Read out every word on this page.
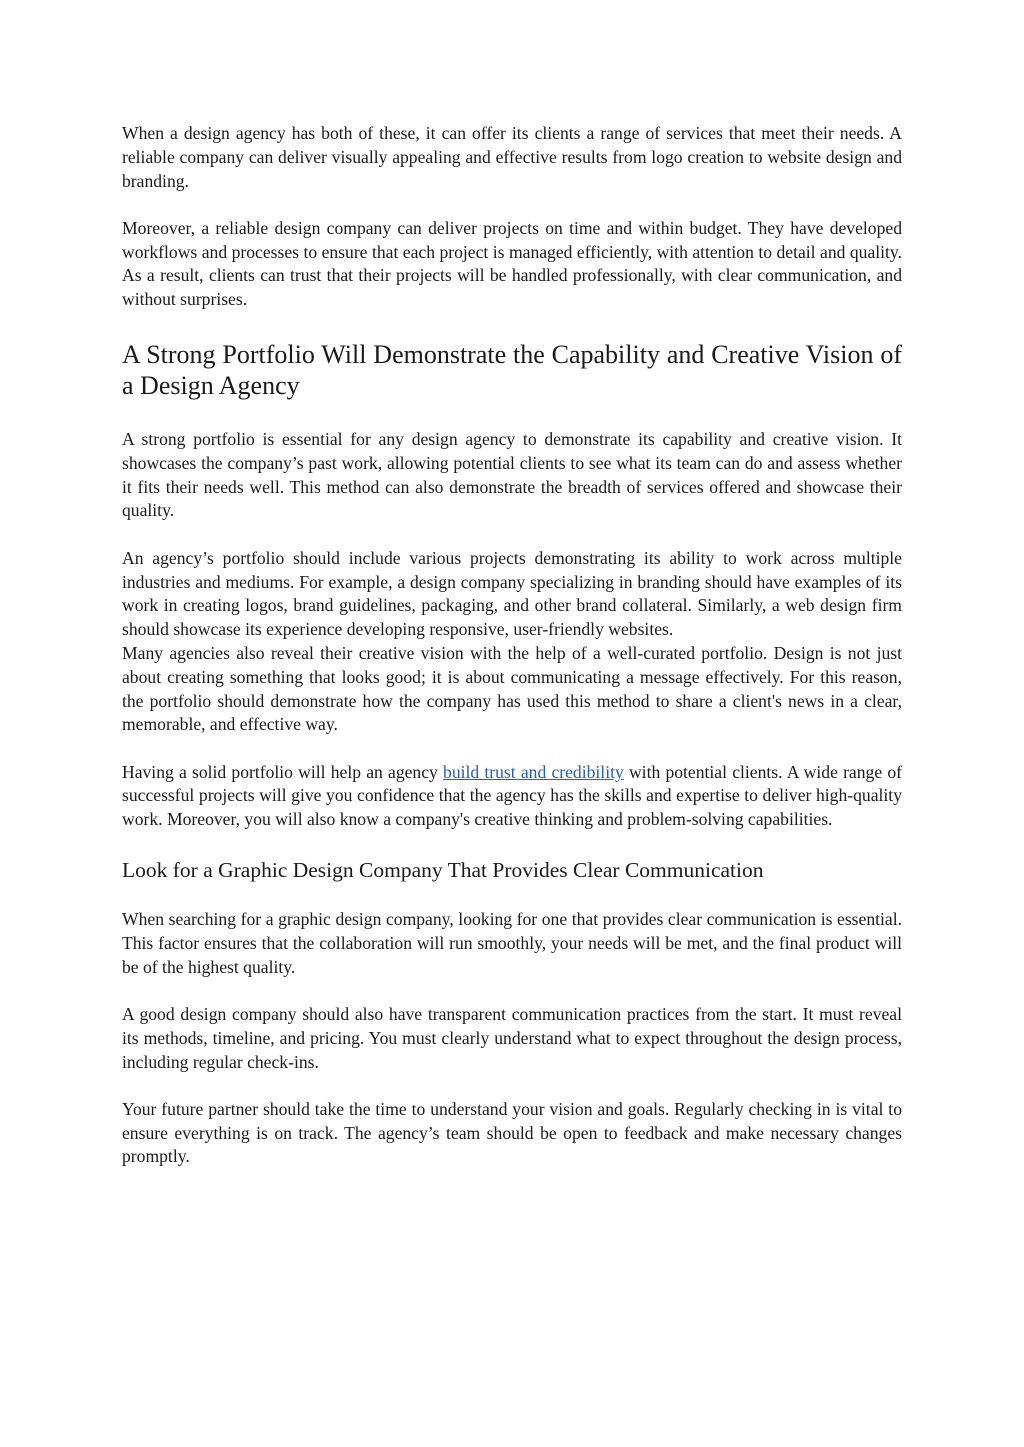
When a design agency has both of these, it can offer its clients a range of services that meet their needs. A reliable company can deliver visually appealing and effective results from logo creation to website design and branding.

Moreover, a reliable design company can deliver projects on time and within budget. They have developed workflows and processes to ensure that each project is managed efficiently, with attention to detail and quality. As a result, clients can trust that their projects will be handled professionally, with clear communication, and without surprises.

A Strong Portfolio Will Demonstrate the Capability and Creative Vision of a Design Agency

A strong portfolio is essential for any design agency to demonstrate its capability and creative vision. It showcases the company’s past work, allowing potential clients to see what its team can do and assess whether it fits their needs well. This method can also demonstrate the breadth of services offered and showcase their quality.

An agency’s portfolio should include various projects demonstrating its ability to work across multiple industries and mediums. For example, a design company specializing in branding should have examples of its work in creating logos, brand guidelines, packaging, and other brand collateral. Similarly, a web design firm should showcase its experience developing responsive, user-friendly websites.

Many agencies also reveal their creative vision with the help of a well-curated portfolio. Design is not just about creating something that looks good; it is about communicating a message effectively. For this reason, the portfolio should demonstrate how the company has used this method to share a client's news in a clear, memorable, and effective way.

Having a solid portfolio will help an agency build trust and credibility with potential clients. A wide range of successful projects will give you confidence that the agency has the skills and expertise to deliver high-quality work. Moreover, you will also know a company's creative thinking and problem-solving capabilities.

Look for a Graphic Design Company That Provides Clear Communication

When searching for a graphic design company, looking for one that provides clear communication is essential. This factor ensures that the collaboration will run smoothly, your needs will be met, and the final product will be of the highest quality.

A good design company should also have transparent communication practices from the start. It must reveal its methods, timeline, and pricing. You must clearly understand what to expect throughout the design process, including regular check-ins.

Your future partner should take the time to understand your vision and goals. Regularly checking in is vital to ensure everything is on track. The agency’s team should be open to feedback and make necessary changes promptly.
